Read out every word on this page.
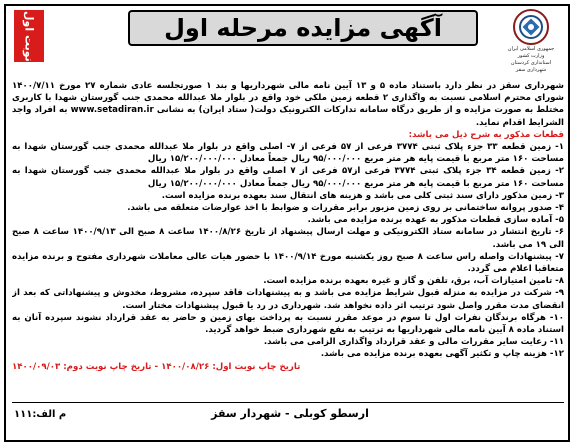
جمهوری اسلامی ایران
وزارت کشور
استانداری کردستان
شهرداری سقز
آگهی مزایده مرحله اول
نوبت اول

شهرداری سقز در نظر دارد باستناد ماده ۵ و ۱۳ آیین نامه مالی شهرداریها و بند ۱ صورتجلسه عادی شماره ۲۷ مورخ ۱۴۰۰/۷/۱۱ شورای محترم اسلامی نسبت به واگذاری ۲ قطعه زمین ملکی خود واقع در بلوار ملا عبدالله محمدی جنب گورستان شهدا با کاربری مختلط به صورت مزایده و از طریق درگاه سامانه تدارکات الکترونیک دولت( ستاد ایران) به نشانی www.setadiran.ir به افراد واجد الشرایط اقدام نماید.

قطعات مذکور به شرح ذیل می باشد:

۱- زمین قطعه ۳۳ جزء پلاک ثبتی ۳۷۷۴ فرعی از ۵۷ فرعی از ۷- اصلی واقع در بلوار ملا عبدالله محمدی جنب گورستان شهدا به مساحت ۱۶۰ متر مربع با قیمت پایه هر متر مربع ۹۵/۰۰۰/۰۰۰ ریال جمعاً معادل ۱۵/۲۰۰/۰۰۰/۰۰۰ ریال

۲- زمین قطعه ۳۴ جزء پلاک ثبتی ۳۷۷۴ فرعی از۵۷ فرعی از ۷ اصلی واقع در بلوار ملا عبدالله محمدی جنب گورستان شهدا به مساحت ۱۶۰ متر مربع با قیمت پایه هر متر مربع ۹۵/۰۰۰/۰۰۰ ریال جمعاً معادل ۱۵/۲۰۰/۰۰۰/۰۰۰ ریال

۳- زمین مذکور دارای سند ثبتی کلی می باشد و هزینه های انتقال سند بعهده برنده مزایده است.

۴- صدور پروانه ساختمانی بر روی زمین مزبور برابر مقررات و ضوابط با اخذ عوارضات متعلقه می باشد.

۵- آماده سازی قطعات مذکور به عهده برنده مزایده می باشد.

۶- تاریخ انتشار در سامانه ستاد الکترونیکی و مهلت ارسال پیشنهاد از تاریخ ۱۴۰۰/۸/۲۶ ساعت ۸ صبح الی ۱۴۰۰/۹/۱۳ ساعت ۸ صبح الی ۱۹ می باشد.

۷- پیشنهادات واصله راس ساعت ۸ صبح روز یکشنبه مورخ ۱۴۰۰/۹/۱۴ با حضور هیات عالی معاملات شهرداری مفتوح و برنده مزایده متعاقبا اعلام می گردد.

۸- تامین امتیازات آب، برق، تلفن و گاز و غیره بعهده برنده مزایده است.

۹- شرکت در مزایده به منزله قبول شرایط مزایده می باشد و به پیشنهادات فاقد سپرده، مشروط، مخدوش و پیشنهاداتی که بعد از انقضای مدت مقرر واصل شود ترتیب اثر داده نخواهد شد. شهرداری در رد یا قبول پیشنهادات مختار است.

۱۰- هرگاه برندگان نفرات اول تا سوم در موعد مقرر نسبت به پرداخت بهای زمین و حاضر به عقد قرارداد نشوند سپرده آنان به استناد ماده ۸ آیین نامه مالی شهرداریها به ترتیب به نفع شهرداری ضبط خواهد گردید.

۱۱- رعایت سایر مقررات مالی و عقد قرارداد واگذاری الزامی می باشد.

۱۲- هزینه چاپ و تکثیر آگهی بعهده برنده مزایده می باشد.

تاریخ چاپ نوبت اول: ۱۴۰۰/۰۸/۲۶ - تاریخ چاپ نوبت دوم: ۱۴۰۰/۰۹/۰۳

ارسطو کوبلی - شهردار سقز
م الف:۱۱۱
